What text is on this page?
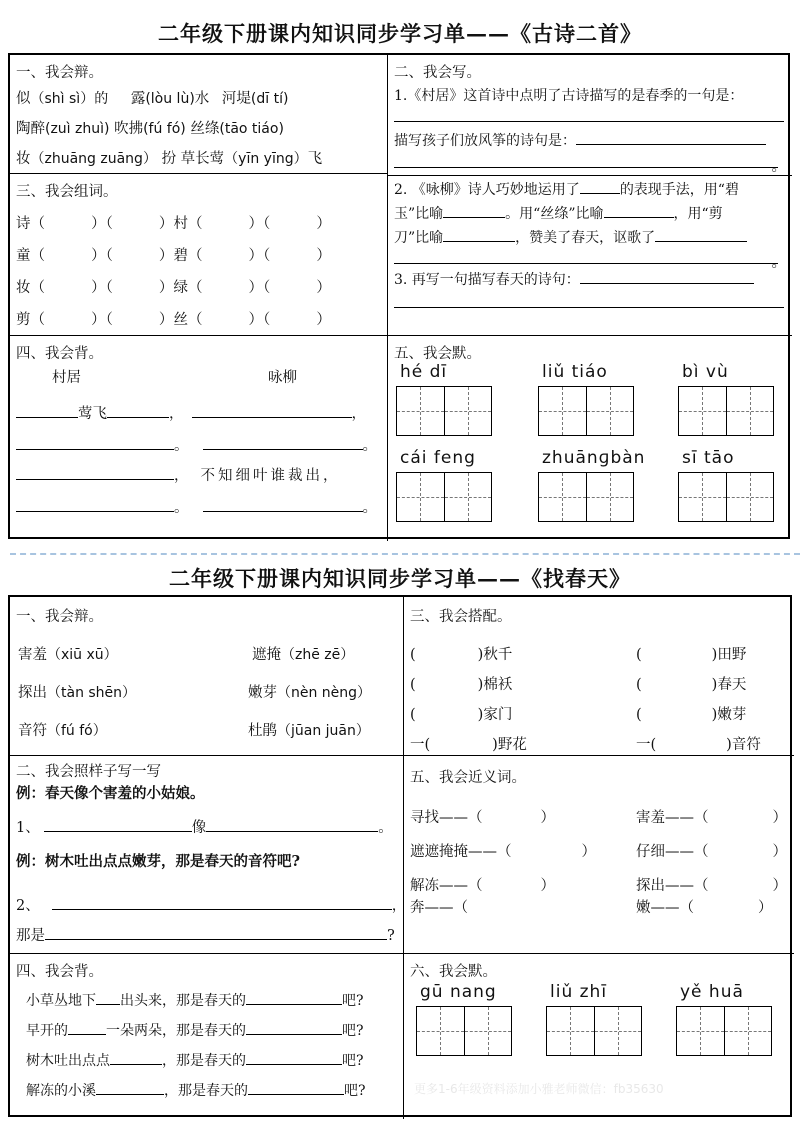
二年级下册课内知识同步学习单——《古诗二首》
一、我会辩。
似（shì sì）的 露(lòu lù)水 河堤(dī tí)
陶醉(zuì zhuì) 吹拂(fú fó) 丝绦(tāo tiáo)
妆（zhuāng zuāng） 扮 草长莺（yīn yīng）飞
三、我会组词。
诗（          ）（          ）村（          ）（          ）
童（          ）（          ）碧（          ）（          ）
妆（          ）（          ）绿（          ）（          ）
剪（          ）（          ）丝（          ）（          ）
二、我会写。
1.《村居》这首诗中点明了古诗描写的是春季的一句是：
描写孩子们放风筝的诗句是：
。
2. 《咏柳》诗人巧妙地运用了	的表现手法，用“碧
玉”比喻	。用“丝绦”比喻	，用“剪
刀”比喻	，赞美了春天，讴歌了
。
3. 再写一句描写春天的诗句：
四、我会背。
村居	咏柳
莺飞	，	，
。	。
， 不知细叶谁裁出，
。	。
五、我会默。
hé dī	liǔ tiáo	bì vù
cái feng	zhuānɡbàn sī tāo
二年级下册课内知识同步学习单——《找春天》
一、我会辩。
害羞（xiū xū）	遮掩（zhē zē）
探出（tàn shēn）	嫩芽（nèn nèng）
音符（fú fó）	杜鹃（jūan juān）
三、我会搭配。
(	)秋千	(	)田野
(	)棉袄	(	)春天
(	)家门	(	)嫩芽
一(	)野花	一(	)音符
二、我会照样子写一写
例：春天像个害羞的小姑娘。
1、	像	。
例：树木吐出点点嫩芽，那是春天的音符吧?
2、	，
那是	?
五、我会近义词。
寻找——（	）	害羞——（	）
遮遮掩掩——（	）	仔细——（	）
解冻——（	）	探出——（	）
奔——（	嫩——（	）
四、我会背。
小草丛地下 出头来，那是春天的	吧?
早开的	一朵两朵，那是春天的	吧?
树木吐出点点	，那是春天的	吧?
解冻的小溪	，那是春天的	吧?
六、我会默。
gū nang	liǔ zhī	yě huā
更多1-6年级资料添加小雅老师微信：fb35630
